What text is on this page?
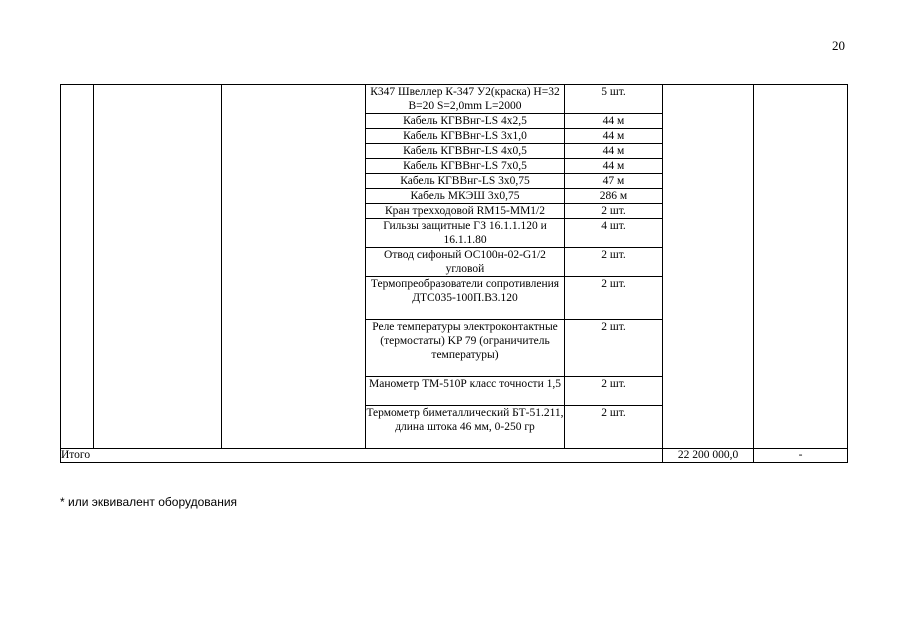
20
			К347 Швеллер К-347 У2(краска) Н=32 В=20 S=2,0mm L=2000	5 шт.		
			Кабель КГВВнг-LS 4х2,5	44 м		
			Кабель КГВВнг-LS 3х1,0	44 м		
			Кабель КГВВнг-LS 4х0,5	44 м		
			Кабель КГВВнг-LS 7х0,5	44 м		
			Кабель КГВВнг-LS 3х0,75	47 м		
			Кабель МКЭШ 3х0,75	286 м		
			Кран трехходовой RM15-MM1/2	2 шт.		
			Гильзы защитные ГЗ 16.1.1.120 и 16.1.1.80	4 шт.		
			Отвод сифоный ОС100н-02-G1/2 угловой	2 шт.		
			Термопреобразователи сопротивления ДТС035-100П.В3.120	2 шт.		
			Реле температуры электроконтактные (термостаты) KP 79 (ограничитель температуры)	2 шт.		
			Манометр ТМ-510Р класс точности 1,5	2 шт.		
			Термометр биметаллический БТ-51.211, длина штока 46 мм, 0-250 гр	2 шт.		
Итого					22 200 000,0	-
* или эквивалент оборудования
